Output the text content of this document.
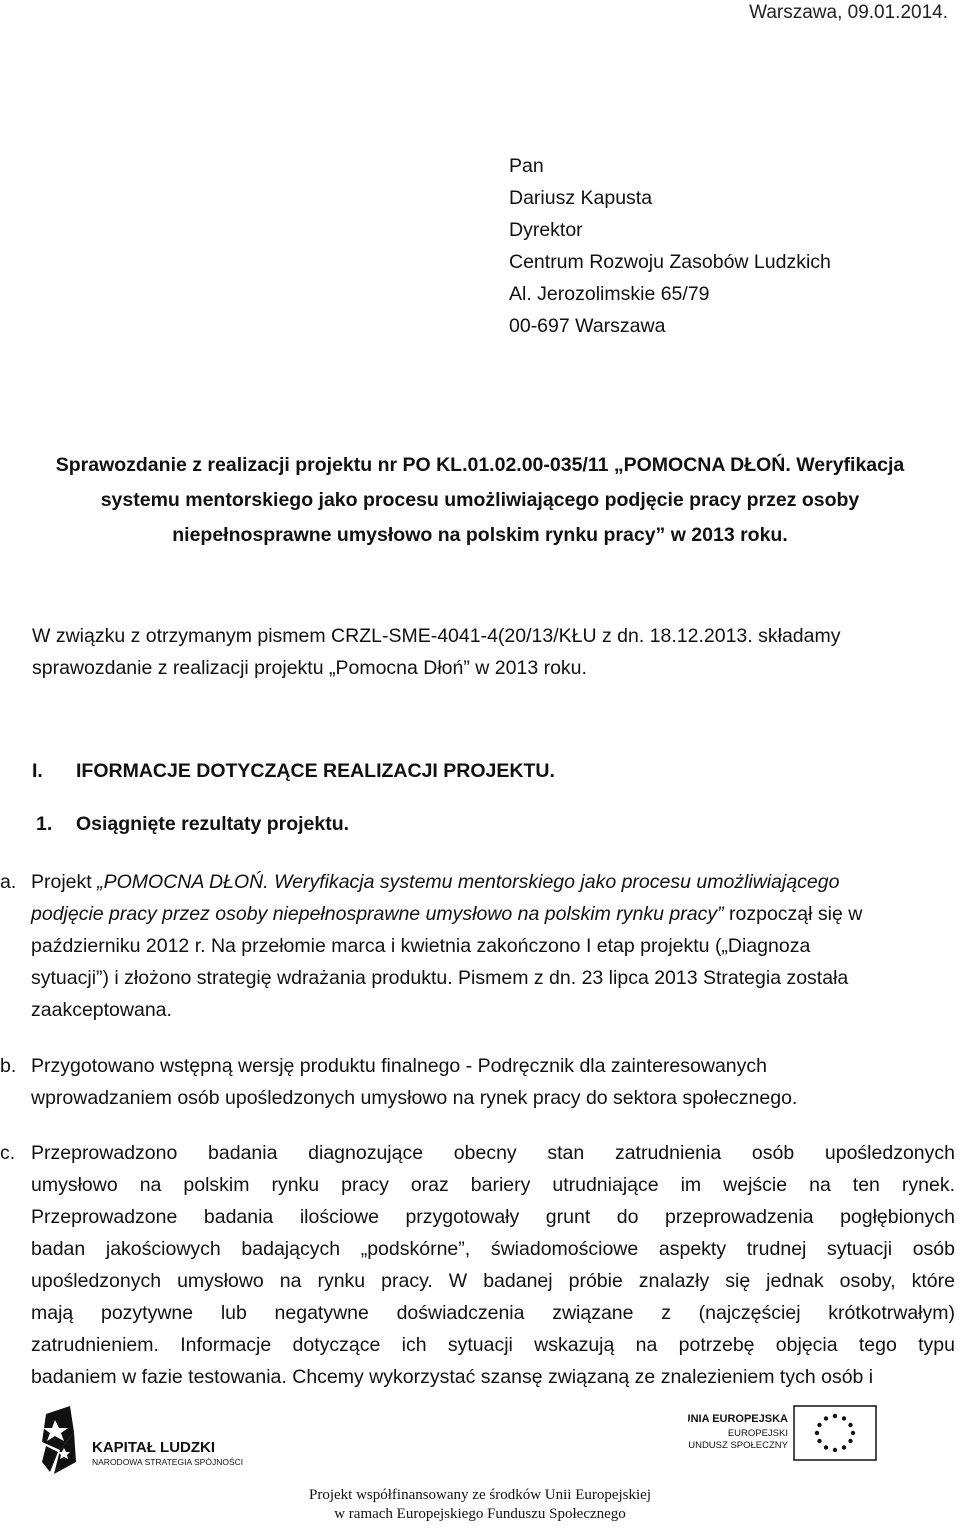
Warszawa, 09.01.2014.
Pan
Dariusz Kapusta
Dyrektor
Centrum Rozwoju Zasobów Ludzkich
Al. Jerozolimskie 65/79
00-697 Warszawa
Sprawozdanie z realizacji projektu nr PO KL.01.02.00-035/11 „POMOCNA DŁOŃ. Weryfikacja
systemu mentorskiego jako procesu umożliwiającego podjęcie pracy przez osoby
niepełnosprawne umysłowo na polskim rynku pracy” w 2013 roku.
W związku z otrzymanym pismem CRZL-SME-4041-4(20/13/KŁU z dn. 18.12.2013. składamy
sprawozdanie z realizacji projektu „Pomocna Dłoń” w 2013 roku.
I. IFORMACJE DOTYCZĄCE REALIZACJI PROJEKTU.
1. Osiągnięte rezultaty projektu.
a. Projekt „POMOCNA DŁOŃ. Weryfikacja systemu mentorskiego jako procesu umożliwiającego
podjęcie pracy przez osoby niepełnosprawne umysłowo na polskim rynku pracy” rozpoczął się w
październiku 2012 r. Na przełomie marca i kwietnia zakończono I etap projektu („Diagnoza
sytuacji”) i złożono strategię wdrażania produktu. Pismem z dn. 23 lipca 2013 Strategia została
zaakceptowana.
b. Przygotowano wstępną wersję produktu finalnego - Podręcznik dla zainteresowanych
wprowadzaniem osób upośledzonych umysłowo na rynek pracy do sektora społecznego.
c. Przeprowadzono badania diagnozujące obecny stan zatrudnienia osób upośledzonych
umysłowo na polskim rynku pracy oraz bariery utrudniające im wejście na ten rynek.
Przeprowadzone badania ilościowe przygotowały grunt do przeprowadzenia pogłębionych
badan jakościowych badających „podskórne”, świadomościowe aspekty trudnej sytuacji osób
upośledzonych umysłowo na rynku pracy. W badanej próbie znalazły się jednak osoby, które
mają pozytywne lub negatywne doświadczenia związane z (najczęściej krótkotrwałym)
zatrudnieniem. Informacje dotyczące ich sytuacji wskazują na potrzebę objęcia tego typu
badaniem w fazie testowania. Chcemy wykorzystać szansę związaną ze znalezieniem tych osób i
KAPITAŁ LUDZKI
NARODOWA STRATEGIA SPÓJNOŚCI
UNIA EUROPEJSKA
EUROPEJSKI
FUNDUSZ SPOŁECZNY
Projekt współfinansowany ze środków Unii Europejskiej
w ramach Europejskiego Funduszu Społecznego
